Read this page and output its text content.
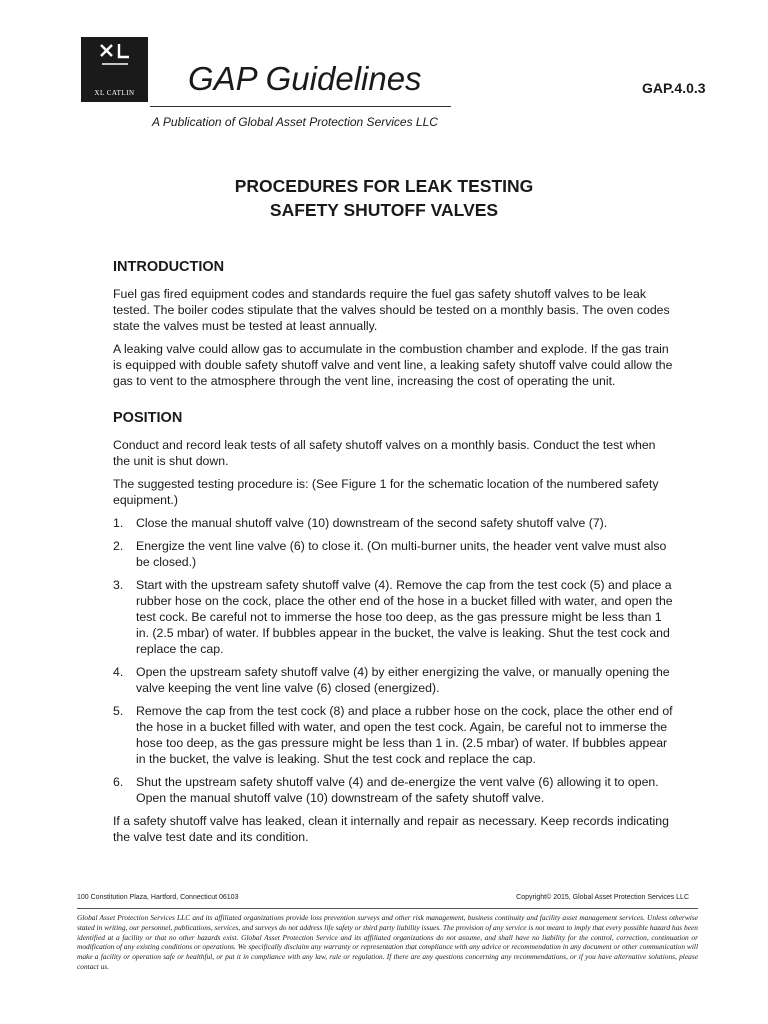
XL CATLIN	GAP Guidelines	GAP.4.0.3
A Publication of Global Asset Protection Services LLC
PROCEDURES FOR LEAK TESTING
SAFETY SHUTOFF VALVES
INTRODUCTION

Fuel gas fired equipment codes and standards require the fuel gas safety shutoff valves to be leak tested. The boiler codes stipulate that the valves should be tested on a monthly basis. The oven codes state the valves must be tested at least annually.

A leaking valve could allow gas to accumulate in the combustion chamber and explode. If the gas train is equipped with double safety shutoff valve and vent line, a leaking safety shutoff valve could allow the gas to vent to the atmosphere through the vent line, increasing the cost of operating the unit.

POSITION

Conduct and record leak tests of all safety shutoff valves on a monthly basis. Conduct the test when the unit is shut down.

The suggested testing procedure is: (See Figure 1 for the schematic location of the numbered safety equipment.)

1. Close the manual shutoff valve (10) downstream of the second safety shutoff valve (7).
2. Energize the vent line valve (6) to close it. (On multi-burner units, the header vent valve must also be closed.)
3. Start with the upstream safety shutoff valve (4). Remove the cap from the test cock (5) and place a rubber hose on the cock, place the other end of the hose in a bucket filled with water, and open the test cock. Be careful not to immerse the hose too deep, as the gas pressure might be less than 1 in. (2.5 mbar) of water. If bubbles appear in the bucket, the valve is leaking. Shut the test cock and replace the cap.
4. Open the upstream safety shutoff valve (4) by either energizing the valve, or manually opening the valve keeping the vent line valve (6) closed (energized).
5. Remove the cap from the test cock (8) and place a rubber hose on the cock, place the other end of the hose in a bucket filled with water, and open the test cock. Again, be careful not to immerse the hose too deep, as the gas pressure might be less than 1 in. (2.5 mbar) of water. If bubbles appear in the bucket, the valve is leaking. Shut the test cock and replace the cap.
6. Shut the upstream safety shutoff valve (4) and de-energize the vent valve (6) allowing it to open. Open the manual shutoff valve (10) downstream of the safety shutoff valve.

If a safety shutoff valve has leaked, clean it internally and repair as necessary. Keep records indicating the valve test date and its condition.

100 Constitution Plaza, Hartford, Connecticut 06103	Copyright© 2015, Global Asset Protection Services LLC

Global Asset Protection Services LLC and its affiliated organizations provide loss prevention surveys and other risk management, business continuity and facility asset management services. Unless otherwise stated in writing, our personnel, publications, services, and surveys do not address life safety or third party liability issues. The provision of any service is not meant to imply that every possible hazard has been identified at a facility or that no other hazards exist. Global Asset Protection Service and its affiliated organizations do not assume, and shall have no liability for the control, correction, continuation or modification of any existing conditions or operations. We specifically disclaim any warranty or representation that compliance with any advice or recommendation in any document or other communication will make a facility or operation safe or healthful, or put it in compliance with any law, rule or regulation. If there are any questions concerning any recommendations, or if you have alternative solutions, please contact us.
